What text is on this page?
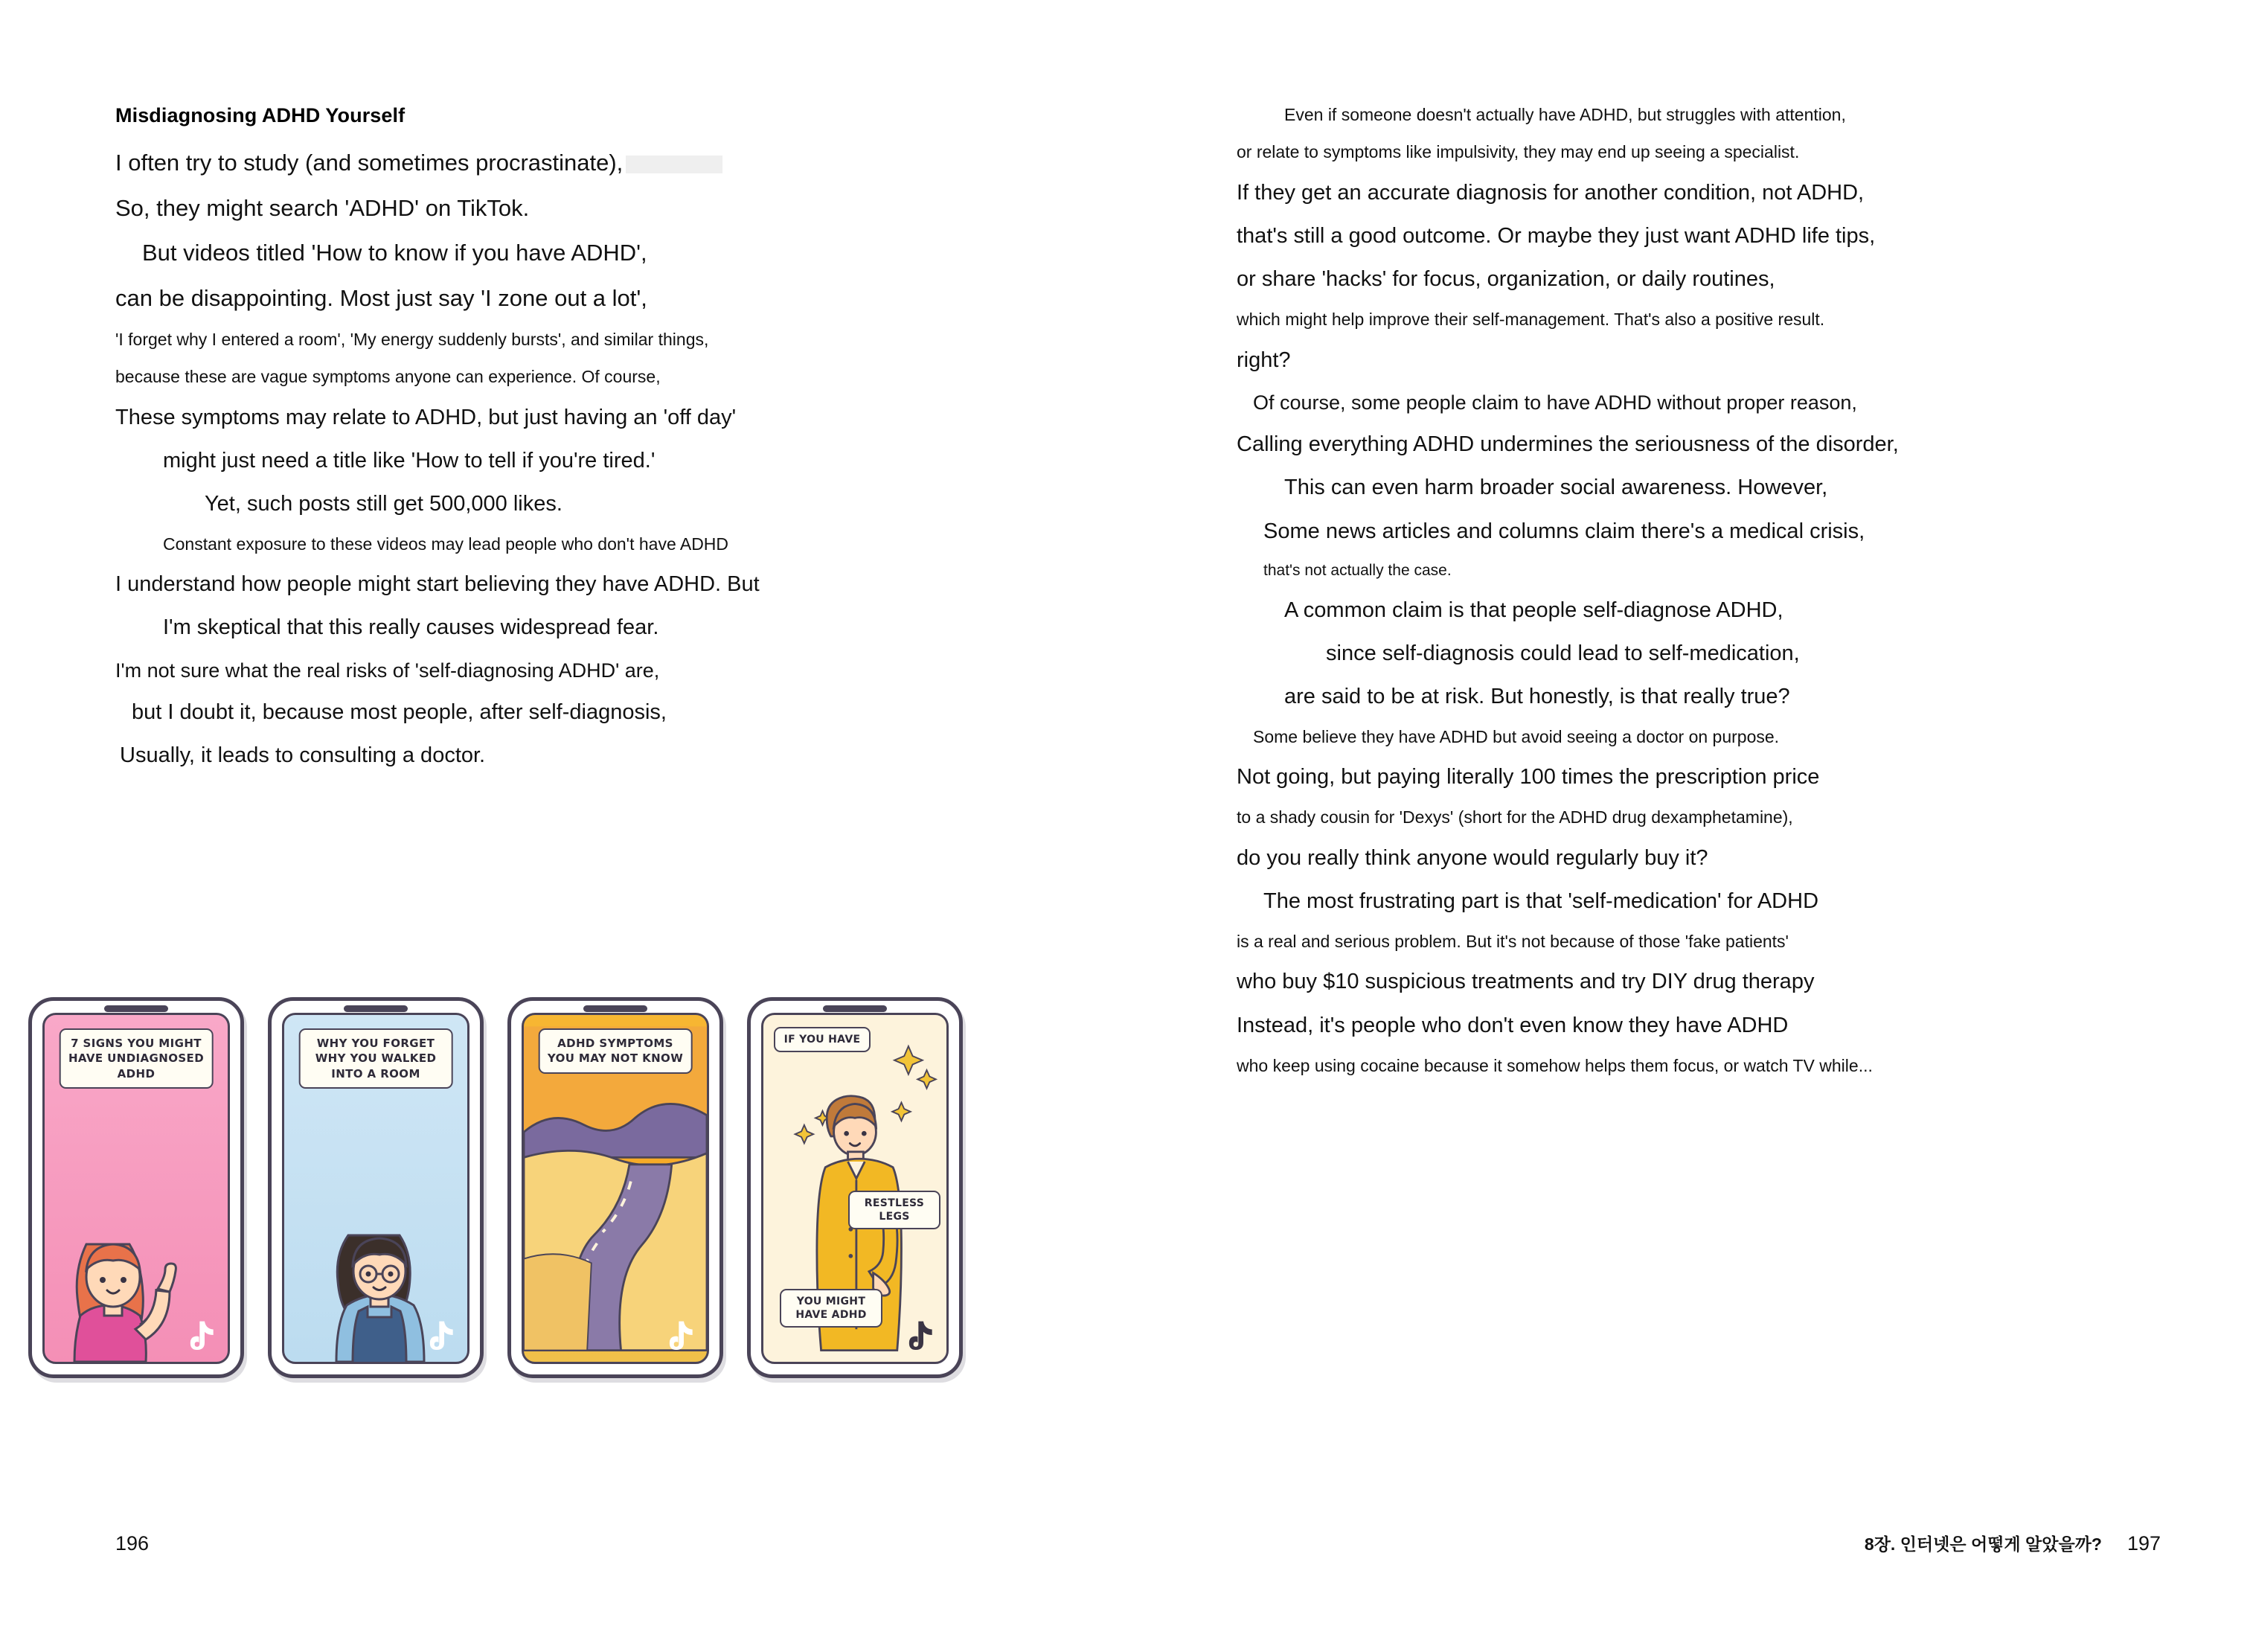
Misdiagnosing ADHD Yourself

I often try to study (and sometimes procrastinate),

So, they might search 'ADHD' on TikTok.

But videos titled 'How to know if you have ADHD',

can be disappointing. Most just say 'I zone out a lot',

'I forget why I entered a room', 'My energy suddenly bursts', and similar things,

because these are vague symptoms anyone can experience. Of course,

These symptoms may relate to ADHD, but just having an 'off day'

might just need a title like 'How to tell if you're tired.'

Yet, such posts still get 500,000 likes.

Constant exposure to these videos may lead people who don't have ADHD

I understand how people might start believing they have ADHD. But

I'm skeptical that this really causes widespread fear.

I'm not sure what the real risks of 'self-diagnosing ADHD' are,

but I doubt it, because most people, after self-diagnosis,

Usually, it leads to consulting a doctor.

7 SIGNS YOU MIGHT HAVE UNDIAGNOSED ADHD
WHY YOU FORGET WHY YOU WALKED INTO A ROOM
ADHD SYMPTOMS YOU MAY NOT KNOW
IF YOU HAVE
RESTLESS LEGS
YOU MIGHT HAVE ADHD
196

Even if someone doesn't actually have ADHD, but struggles with attention,

or relate to symptoms like impulsivity, they may end up seeing a specialist.

If they get an accurate diagnosis for another condition, not ADHD,

that's still a good outcome. Or maybe they just want ADHD life tips,

or share 'hacks' for focus, organization, or daily routines,

which might help improve their self-management. That's also a positive result.

right?

Of course, some people claim to have ADHD without proper reason,

Calling everything ADHD undermines the seriousness of the disorder,

This can even harm broader social awareness. However,

Some news articles and columns claim there's a medical crisis,

that's not actually the case.

A common claim is that people self-diagnose ADHD,

since self-diagnosis could lead to self-medication,

are said to be at risk. But honestly, is that really true?

Some believe they have ADHD but avoid seeing a doctor on purpose.

Not going, but paying literally 100 times the prescription price

to a shady cousin for 'Dexys' (short for the ADHD drug dexamphetamine),

do you really think anyone would regularly buy it?

The most frustrating part is that 'self-medication' for ADHD

is a real and serious problem. But it's not because of those 'fake patients'

who buy $10 suspicious treatments and try DIY drug therapy

Instead, it's people who don't even know they have ADHD

who keep using cocaine because it somehow helps them focus, or watch TV while...

8장. 인터넷은 어떻게 알았을까? 197
